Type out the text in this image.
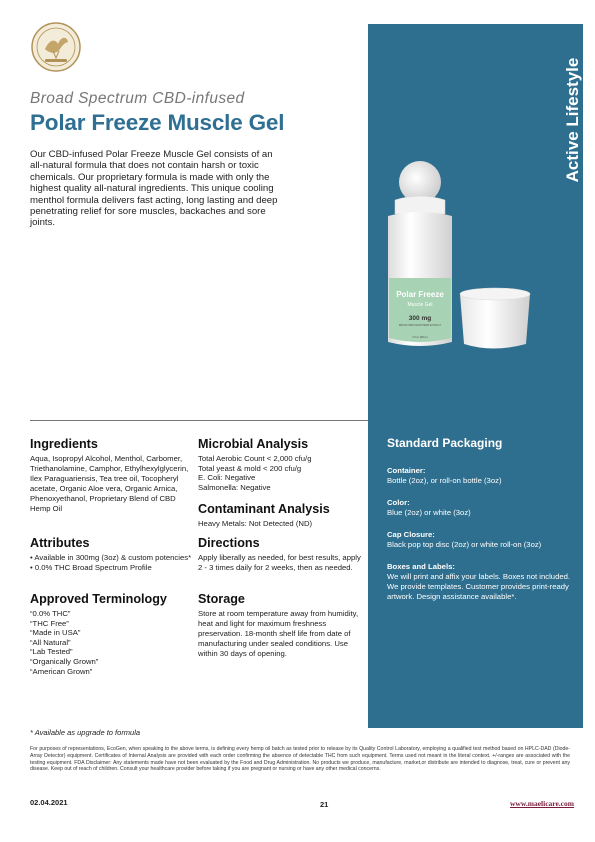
Active Lifestyle
Broad Spectrum CBD-infused
Polar Freeze Muscle Gel

Our CBD-infused Polar Freeze Muscle Gel consists of an all-natural formula that does not contain harsh or toxic chemicals. Our proprietary formula is made with only the highest quality all-natural ingredients. This unique cooling menthol formula delivers fast acting, long lasting and deep penetrating relief for sore muscles, backaches and sore joints.

Polar Freeze
Muscle Gel
300 mg
BROAD SPECTRUM HEMP EXTRACT
3 fl oz (89mL)
Ingredients

Aqua, Isopropyl Alcohol, Menthol, Carbomer, Triethanolamine, Camphor, Ethylhexylglycerin, Ilex Paraguariensis, Tea tree oil, Tocopheryl acetate, Organic Aloe vera, Organic Arnica, Phenoxyethanol, Proprietary Blend of CBD Hemp Oil

Attributes
• Available in 300mg (3oz) & custom potencies*
• 0.0% THC Broad Spectrum Profile
Approved Terminology
“0.0% THC”
“THC Free”
“Made in USA”
“All Natural”
“Lab Tested”
“Organically Grown”
“American Grown”
Microbial Analysis
Total Aerobic Count < 2,000 cfu/g
Total yeast & mold < 200 cfu/g
E. Coli: Negative
Salmonella: Negative
Contaminant Analysis

Heavy Metals: Not Detected (ND)

Directions

Apply liberally as needed, for best results, apply 2 - 3 times daily for 2 weeks, then as needed.

Storage

Store at room temperature away from humidity, heat and light for maximum freshness preservation. 18-month shelf life from date of manufacturing under sealed conditions. Use within 30 days of opening.

Standard Packaging
Container:
Bottle (2oz), or roll-on bottle (3oz)
Color:
Blue (2oz) or white (3oz)
Cap Closure:
Black pop top disc (2oz) or white roll-on (3oz)
Boxes and Labels:
We will print and affix your labels. Boxes not included. We provide templates. Customer provides print-ready artwork. Design assistance available*.
* Available as upgrade to formula	* Available as upgrade to standard packaging

For purposes of representations, EcoGen, when speaking to the above terms, is defining every hemp oil batch as tested prior to release by its Quality Control Laboratory, employing a qualified test method based on HPLC-DAD (Diode-Array Detector) equipment. Certificates of Internal Analysis are provided with each order confirming the absence of detectable THC from such equipment. Terms used not meant in the literal context. +/-ranges are associated with the testing equipment. FDA Disclaimer: Any statements made have not been evaluated by the Food and Drug Administration. No products we produce, manufacture, market,or distribute are intended to diagnose, treat, cure or prevent any disease. Keep out of reach of children. Consult your healthcare provider before taking if you are pregnant or nursing or have any other medical concerns.

02.04.2021	21	www.maelicare.com
